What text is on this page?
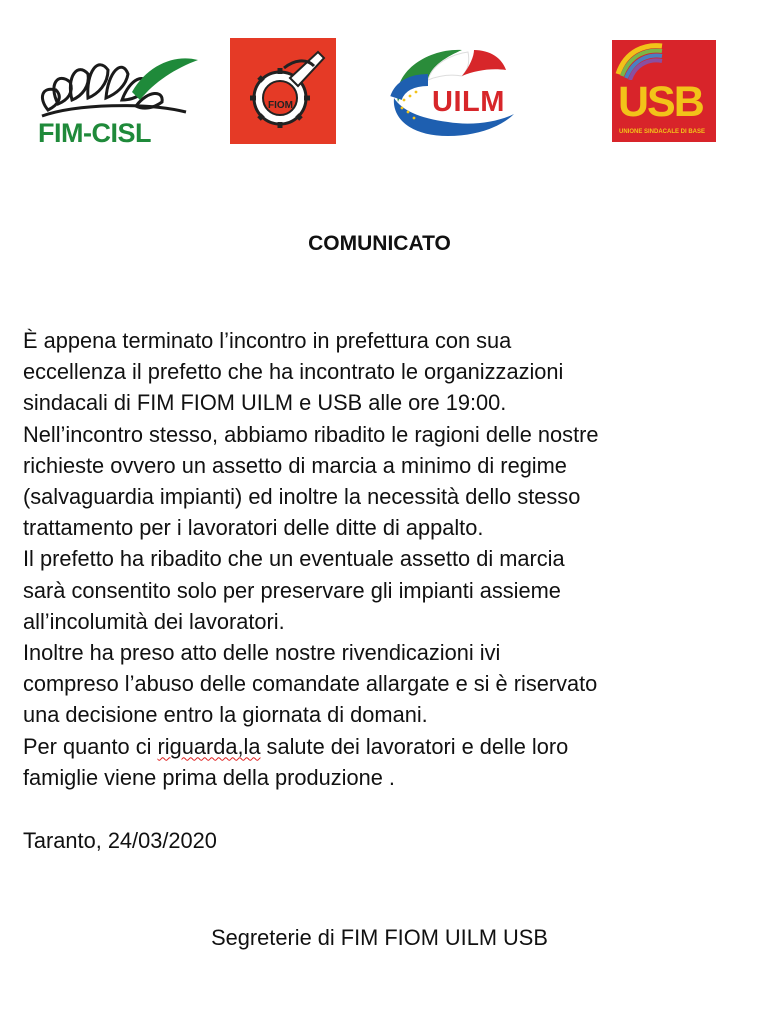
FIM-CISL
FIOM	UILM	USB
UNIONE SINDACALE DI BASE
COMUNICATO
È appena terminato l’incontro in prefettura con sua
eccellenza il prefetto che ha incontrato le organizzazioni
sindacali di FIM FIOM UILM e USB alle ore 19:00.
Nell’incontro stesso, abbiamo ribadito le ragioni delle nostre
richieste ovvero un assetto di marcia a minimo di regime
(salvaguardia impianti) ed inoltre la necessità dello stesso
trattamento per i lavoratori delle ditte di appalto.
Il prefetto ha ribadito che un eventuale assetto di marcia
sarà consentito solo per preservare gli impianti assieme
all’incolumità dei lavoratori.
Inoltre ha preso atto delle nostre rivendicazioni ivi
compreso l’abuso delle comandate allargate e si è riservato
una decisione entro la giornata di domani.
Per quanto ci riguarda,la salute dei lavoratori e delle loro
famiglie viene prima della produzione .
Taranto, 24/03/2020
Segreterie di FIM FIOM UILM USB
